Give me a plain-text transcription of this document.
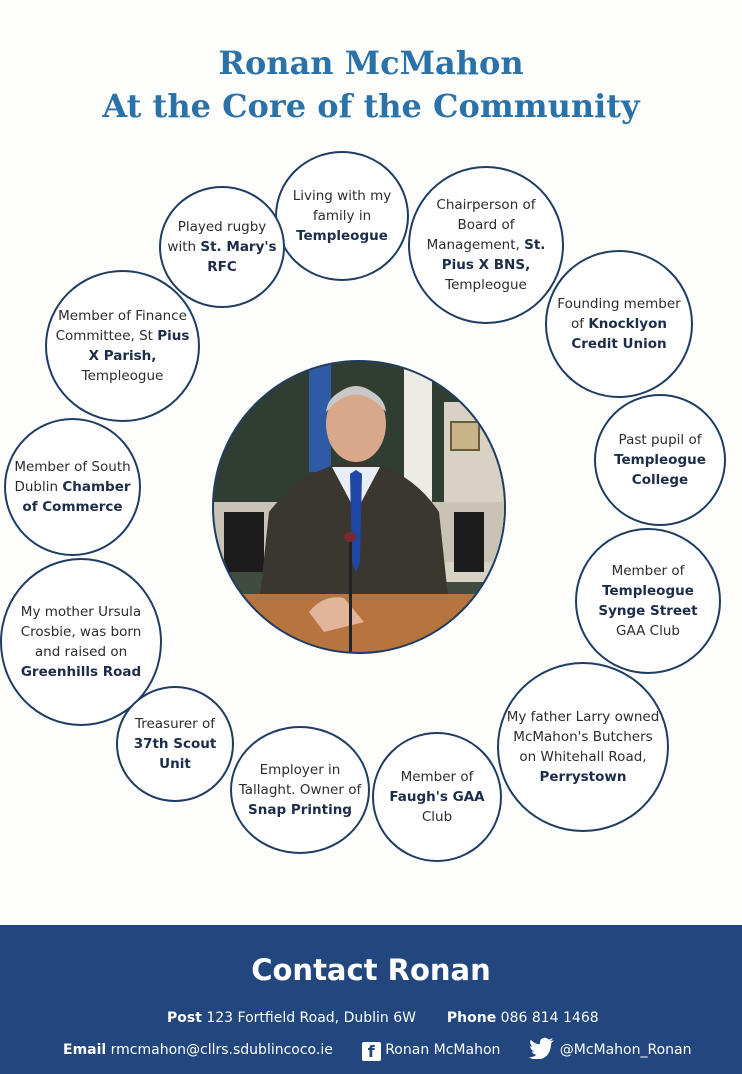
Ronan McMahon
At the Core of the Community
Living with my family in Templeogue
Played rugby with St. Mary's RFC
Chairperson of Board of Management, St. Pius X BNS, Templeogue
Member of Finance Committee, St Pius X Parish, Templeogue
Founding member of Knocklyon Credit Union
Past pupil of Templeogue College
Member of South Dublin Chamber of Commerce
Member of Templeogue Synge Street GAA Club
My mother Ursula Crosbie, was born and raised on Greenhills Road
My father Larry owned McMahon's Butchers on Whitehall Road, Perrystown
Treasurer of 37th Scout Unit	Employer in Tallaght. Owner of Snap Printing
Member of Faugh's GAA Club
Contact Ronan
Post 123 Fortfield Road, Dublin 6W Phone 086 814 1468
Email rmcmahon@cllrs.sdublincoco.ie f Ronan McMahon	@McMahon_Ronan
